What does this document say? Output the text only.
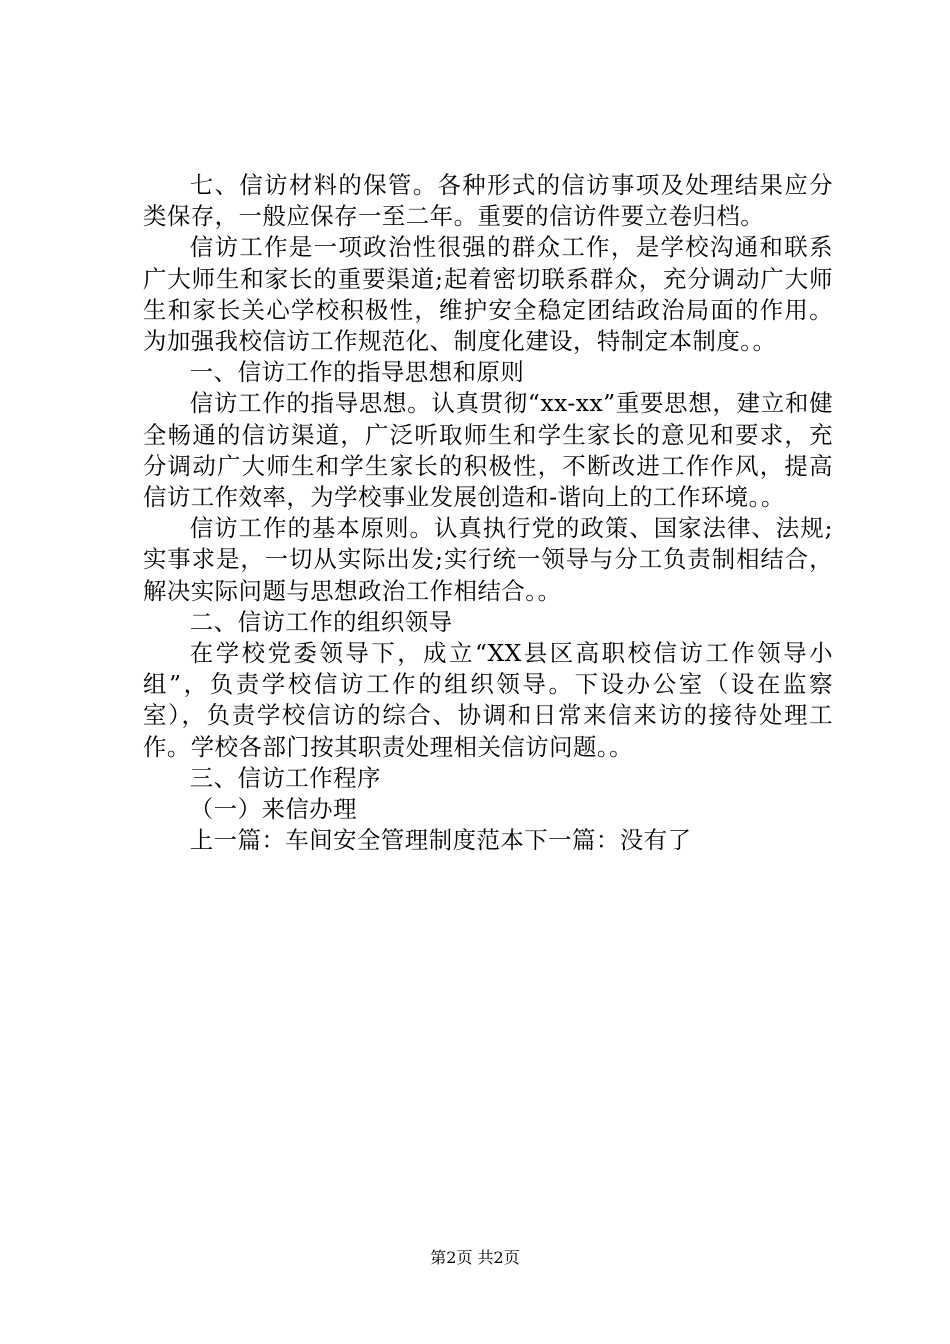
七、信访材料的保管。各种形式的信访事项及处理结果应分类保存，一般应保存一至二年。重要的信访件要立卷归档。

信访工作是一项政治性很强的群众工作，是学校沟通和联系广大师生和家长的重要渠道;起着密切联系群众，充分调动广大师生和家长关心学校积极性，维护安全稳定团结政治局面的作用。为加强我校信访工作规范化、制度化建设，特制定本制度。。

一、信访工作的指导思想和原则

信访工作的指导思想。认真贯彻“xx-xx”重要思想，建立和健全畅通的信访渠道，广泛听取师生和学生家长的意见和要求，充分调动广大师生和学生家长的积极性，不断改进工作作风，提高信访工作效率，为学校事业发展创造和-谐向上的工作环境。。

信访工作的基本原则。认真执行党的政策、国家法律、法规;实事求是，一切从实际出发;实行统一领导与分工负责制相结合，解决实际问题与思想政治工作相结合。。

二、信访工作的组织领导

在学校党委领导下，成立“XX县区高职校信访工作领导小组”，负责学校信访工作的组织领导。下设办公室（设在监察室），负责学校信访的综合、协调和日常来信来访的接待处理工作。学校各部门按其职责处理相关信访问题。。

三、信访工作程序

（一）来信办理

上一篇：车间安全管理制度范本下一篇：没有了

第2页 共2页
